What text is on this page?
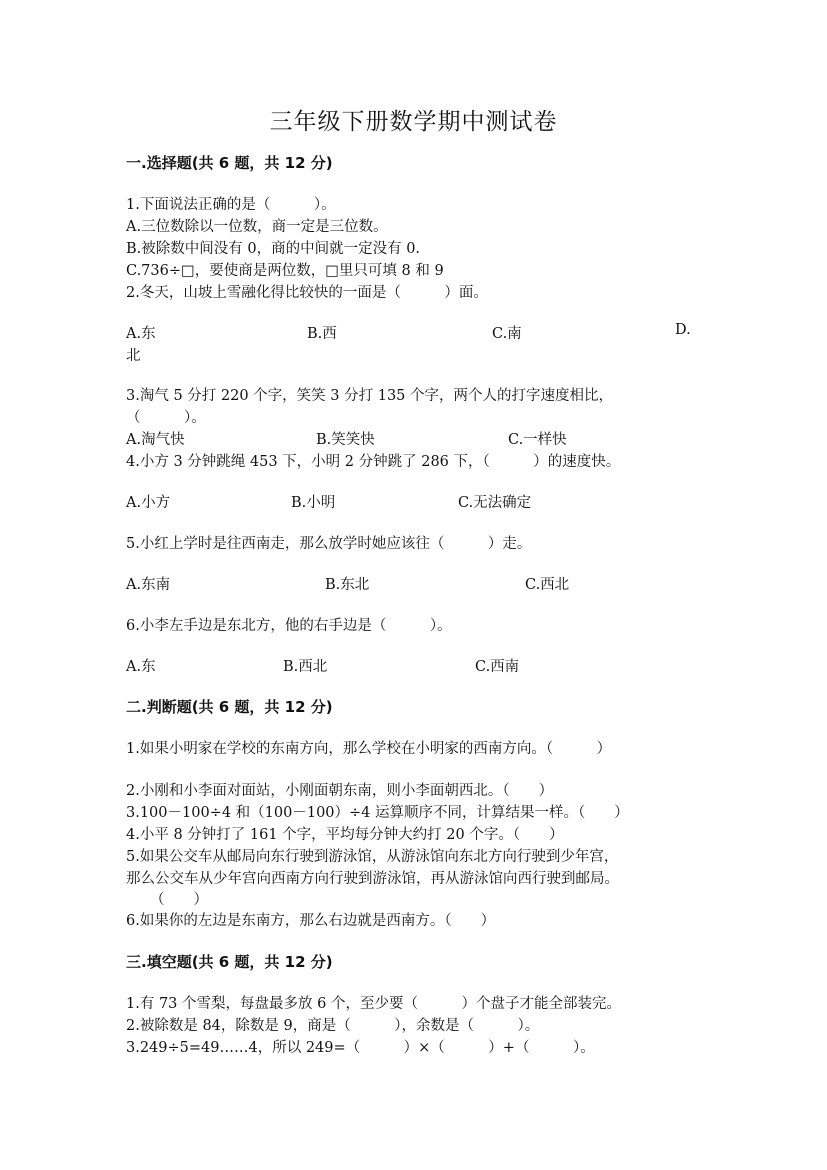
三年级下册数学期中测试卷
一.选择题(共 6 题，共 12 分)
1.下面说法正确的是（　　　）。
A.三位数除以一位数，商一定是三位数。
B.被除数中间没有 0，商的中间就一定没有 0.
C.736÷□，要使商是两位数，□里只可填 8 和 9
2.冬天，山坡上雪融化得比较快的一面是（　　　）面。
A.东	B.西	C.南	D.
北
3.淘气 5 分打 220 个字，笑笑 3 分打 135 个字，两个人的打字速度相比，
（　　　）。
A.淘气快	B.笑笑快	C.一样快
4.小方 3 分钟跳绳 453 下，小明 2 分钟跳了 286 下，（　　　）的速度快。
A.小方	B.小明	C.无法确定
5.小红上学时是往西南走，那么放学时她应该往（　　　）走。
A.东南	B.东北	C.西北
6.小李左手边是东北方，他的右手边是（　　　）。
A.东	B.西北	C.西南
二.判断题(共 6 题，共 12 分)
1.如果小明家在学校的东南方向，那么学校在小明家的西南方向。（　　　）
2.小刚和小李面对面站，小刚面朝东南，则小李面朝西北。（　　）
3.100－100÷4 和（100－100）÷4 运算顺序不同，计算结果一样。（　　）
4.小平 8 分钟打了 161 个字，平均每分钟大约打 20 个字。（　　）
5.如果公交车从邮局向东行驶到游泳馆，从游泳馆向东北方向行驶到少年宫，
那么公交车从少年宫向西南方向行驶到游泳馆，再从游泳馆向西行驶到邮局。
（　　）
6.如果你的左边是东南方，那么右边就是西南方。（　　）
三.填空题(共 6 题，共 12 分)
1.有 73 个雪梨，每盘最多放 6 个，至少要（　　　）个盘子才能全部装完。
2.被除数是 84，除数是 9，商是（　　　），余数是（　　　）。
3.249÷5=49……4，所以 249=（　　　）×（　　　）+（　　　）。
